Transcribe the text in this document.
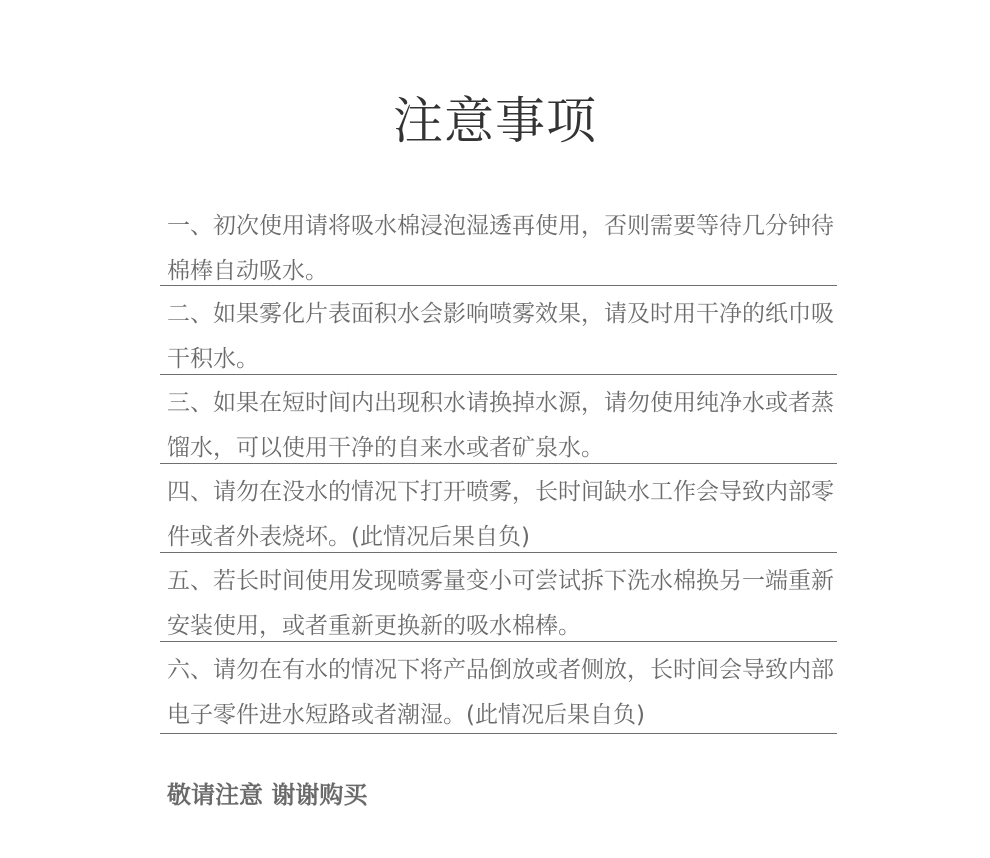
注意事项
一、初次使用请将吸水棉浸泡湿透再使用，否则需要等待几分钟待棉棒自动吸水。
二、如果雾化片表面积水会影响喷雾效果，请及时用干净的纸巾吸干积水。
三、如果在短时间内出现积水请换掉水源，请勿使用纯净水或者蒸馏水，可以使用干净的自来水或者矿泉水。
四、请勿在没水的情况下打开喷雾，长时间缺水工作会导致内部零件或者外表烧坏。(此情况后果自负)
五、若长时间使用发现喷雾量变小可尝试拆下洗水棉换另一端重新安装使用，或者重新更换新的吸水棉棒。
六、请勿在有水的情况下将产品倒放或者侧放，长时间会导致内部电子零件进水短路或者潮湿。(此情况后果自负)
敬请注意 谢谢购买
